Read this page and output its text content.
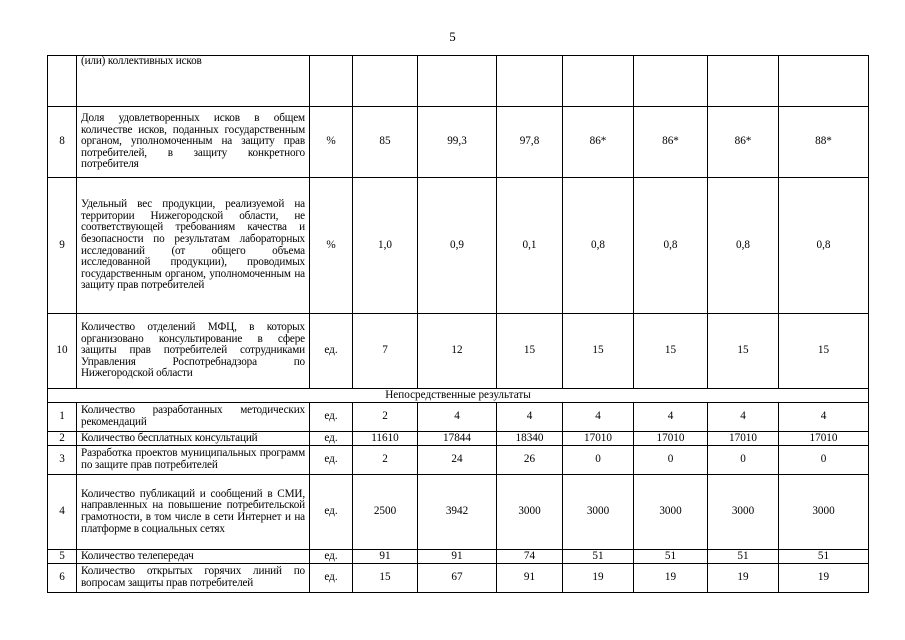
5
	(или) коллективных исков								
8	Доля удовлетворенных исков в общем количестве исков, поданных государственным органом, уполномоченным на защиту прав потребителей, в защиту конкретного потребителя	%	85	99,3	97,8	86*	86*	86*	88*
9	Удельный вес продукции, реализуемой на территории Нижегородской области, не соответствующей требованиям качества и безопасности по результатам лабораторных исследований (от общего объема исследованной продукции), проводимых государственным органом, уполномоченным на защиту прав потребителей	%	1,0	0,9	0,1	0,8	0,8	0,8	0,8
10	Количество отделений МФЦ, в которых организовано консультирование в сфере защиты прав потребителей сотрудниками Управления Роспотребнадзора по Нижегородской области	ед.	7	12	15	15	15	15	15
Непосредственные результаты									
1	Количество разработанных методических рекомендаций	ед.	2	4	4	4	4	4	4
2	Количество бесплатных консультаций	ед.	11610	17844	18340	17010	17010	17010	17010
3	Разработка проектов муниципальных программ по защите прав потребителей	ед.	2	24	26	0	0	0	0
4	Количество публикаций и сообщений в СМИ, направленных на повышение потребительской грамотности, в том числе в сети Интернет и на платформе в социальных сетях	ед.	2500	3942	3000	3000	3000	3000	3000
5	Количество телепередач	ед.	91	91	74	51	51	51	51
6	Количество открытых горячих линий по вопросам защиты прав потребителей	ед.	15	67	91	19	19	19	19
